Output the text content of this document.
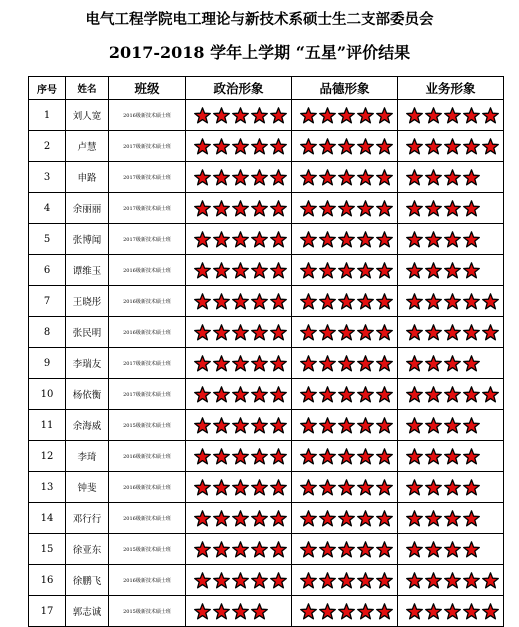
电气工程学院电工理论与新技术系硕士生二支部委员会
2017-2018 学年上学期 “五星”评价结果
序号	姓名	班级	政治形象	品德形象	业务形象
1	刘人宽	2016级新技术硕士班			
2	卢慧	2017级新技术硕士班			
3	申路	2017级新技术硕士班			
4	余丽丽	2017级新技术硕士班			
5	张博闻	2017级新技术硕士班			
6	谭维玉	2016级新技术硕士班			
7	王晓彤	2016级新技术硕士班			
8	张民明	2016级新技术硕士班			
9	李瑞友	2017级新技术硕士班			
10	杨依衡	2017级新技术硕士班			
11	余海威	2015级新技术硕士班			
12	李琦	2016级新技术硕士班			
13	钟斐	2016级新技术硕士班			
14	邓行行	2016级新技术硕士班			
15	徐亚东	2015级新技术硕士班			
16	徐鹏飞	2016级新技术硕士班			
17	郭志诚	2015级新技术硕士班			
